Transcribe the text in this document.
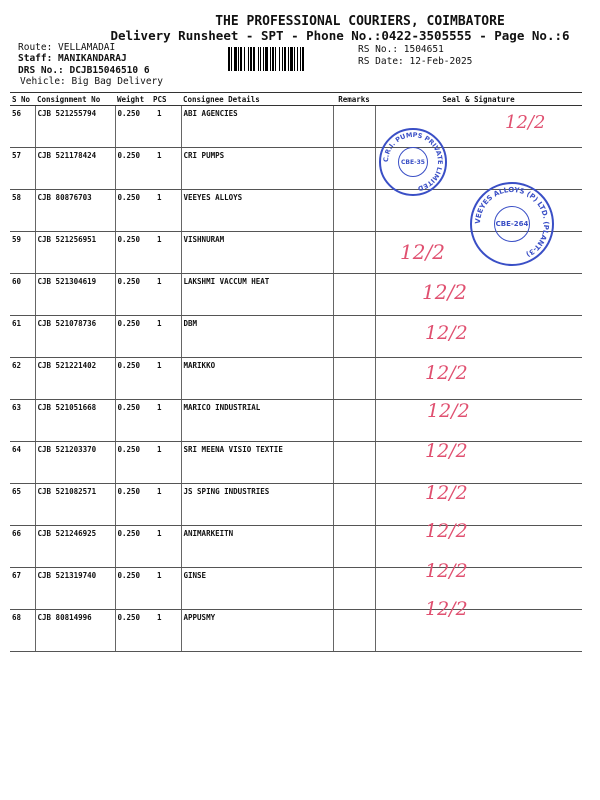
THE PROFESSIONAL COURIERS, COIMBATORE
Delivery Runsheet - SPT - Phone No.:0422-3505555 - Page No.:6
Route: VELLAMADAI
Staff: MANIKANDARAJ
DRS No.: DCJB15046510 6
Vehicle: Big Bag Delivery
RS No.: 1504651
RS Date: 12-Feb-2025
S No	Consignment No	Weight	PCS	Consignee Details	Remarks	Seal & Signature
56	CJB 521255794	0.250	1	ABI AGENCIES		
57	CJB 521178424	0.250	1	CRI PUMPS		
58	CJB 80876703	0.250	1	VEEYES ALLOYS		
59	CJB 521256951	0.250	1	VISHNURAM		
60	CJB 521304619	0.250	1	LAKSHMI VACCUM HEAT		
61	CJB 521078736	0.250	1	DBM		
62	CJB 521221402	0.250	1	MARIKKO		
63	CJB 521051668	0.250	1	MARICO INDUSTRIAL		
64	CJB 521203370	0.250	1	SRI MEENA VISIO TEXTIE		
65	CJB 521082571	0.250	1	JS SPING INDUSTRIES		
66	CJB 521246925	0.250	1	ANIMARKEITN		
67	CJB 521319740	0.250	1	GINSE		
68	CJB 80814996	0.250	1	APPUSMY		
C.R.I. PUMPS PRIVATE LIMITED
CBE-35
VEEYES ALLOYS (P) LTD. (PLANT-3)
CBE-264
12/2
12/2
12/2
12/2
12/2
12/2
12/2
12/2
12/2
12/2
12/2
